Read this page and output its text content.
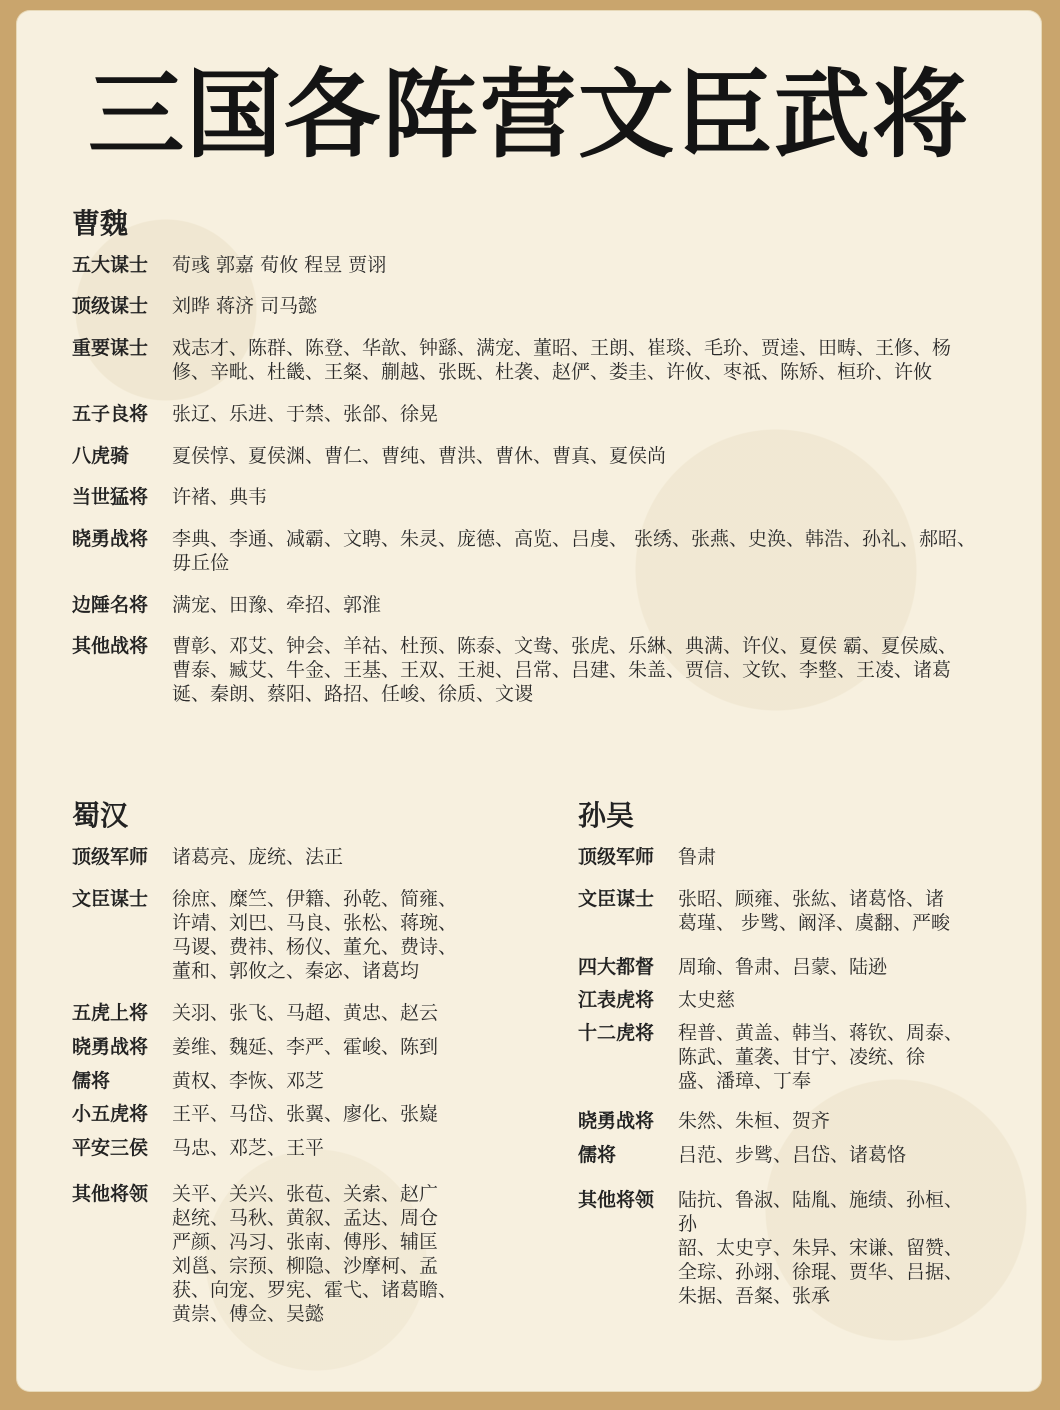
三国各阵营文臣武将
曹魏
五大谋士	荀彧 郭嘉 荀攸 程昱 贾诩
顶级谋士	刘晔 蒋济 司马懿
重要谋士	戏志才、陈群、陈登、华歆、钟繇、满宠、董昭、王朗、崔琰、毛玠、贾逵、田畴、王修、杨
修、辛毗、杜畿、王粲、蒯越、张既、杜袭、赵俨、娄圭、许攸、枣祗、陈矫、桓玠、许攸
五子良将	张辽、乐进、于禁、张郃、徐晃
八虎骑	夏侯惇、夏侯渊、曹仁、曹纯、曹洪、曹休、曹真、夏侯尚
当世猛将	许褚、典韦
晓勇战将	李典、李通、减霸、文聘、朱灵、庞德、高览、吕虔、 张绣、张燕、史涣、韩浩、孙礼、郝昭、
毋丘俭
边陲名将	满宠、田豫、牵招、郭淮
其他战将	曹彰、邓艾、钟会、羊祜、杜预、陈泰、文鸯、张虎、乐綝、典满、许仪、夏侯 霸、夏侯威、
曹泰、臧艾、牛金、王基、王双、王昶、吕常、吕建、朱盖、贾信、文钦、李整、王凌、诸葛
诞、秦朗、蔡阳、路招、任峻、徐质、文谡
蜀汉
顶级军师	诸葛亮、庞统、法正
文臣谋士	徐庶、糜竺、伊籍、孙乾、简雍、
许靖、刘巴、马良、张松、蒋琬、
马谡、费祎、杨仪、董允、费诗、
董和、郭攸之、秦宓、诸葛均
五虎上将	关羽、张飞、马超、黄忠、赵云
晓勇战将	姜维、魏延、李严、霍峻、陈到
儒将	黄权、李恢、邓芝
小五虎将	王平、马岱、张翼、廖化、张嶷
平安三侯	马忠、邓芝、王平
其他将领	关平、关兴、张苞、关索、赵广
赵统、马秋、黄叙、孟达、周仓
严颜、冯习、张南、傅彤、辅匡
刘邕、宗预、柳隐、沙摩柯、孟
获、向宠、罗宪、霍弋、诸葛瞻、
黄崇、傅佥、吴懿
孙吴
顶级军师	鲁肃
文臣谋士	张昭、顾雍、张紘、诸葛恪、诸
葛瑾、 步骘、阚泽、虞翻、严畯
四大都督	周瑜、鲁肃、吕蒙、陆逊
江表虎将	太史慈
十二虎将	程普、黄盖、韩当、蒋钦、周泰、
陈武、董袭、甘宁、凌统、徐
盛、潘璋、丁奉
晓勇战将	朱然、朱桓、贺齐
儒将	吕范、步骘、吕岱、诸葛恪
其他将领	陆抗、鲁淑、陆胤、施绩、孙桓、
孙
韶、太史亨、朱异、宋谦、留赞、
全琮、孙翊、徐琨、贾华、吕据、
朱据、吾粲、张承
